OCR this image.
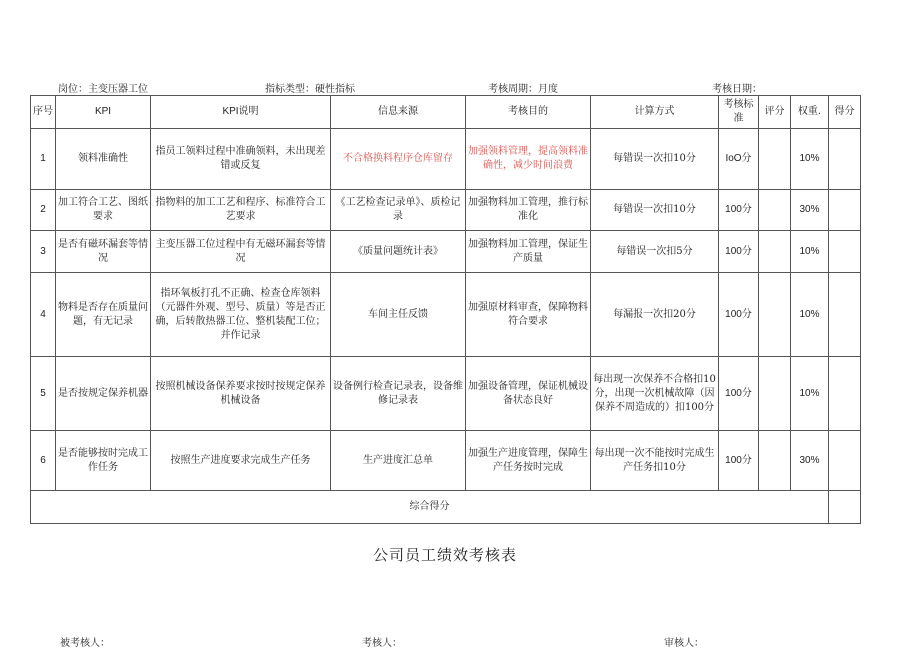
岗位：主变压器工位	指标类型：硬性指标	考核周期：月度	考核日期：
序号	KPI	KPI说明	信息来源	考核目的	计算方式	考核标准	评分	权重.	得分
1	领料准确性	指员工领料过程中准确领料，未出现差错或反复	不合格换料程序仓库留存	加强领料管理，提高领料准确性，减少时间浪费	每错误一次扣10分	IoO分		10%	
2	加工符合工艺、图纸要求	指物料的加工工艺和程序、标准符合工艺要求	《工艺检查记录单》、质检记录	加强物料加工管理，推行标准化	每错误一次扣10分	100分		30%	
3	是否有磁环漏套等情况	主变压器工位过程中有无磁环漏套等情况	《质量问题统计表》	加强物料加工管理，保证生产质量	每错误一次扣5分	100分		10%	
4	物料是否存在质量问题，有无记录	指环氧板打孔不正确、检查仓库领料（元器件外观、型号、质量）等是否正确，后转散热器工位、整机装配工位；并作记录	车间主任反馈	加强原材料审查，保障物料符合要求	每漏报一次扣20分	100分		10%	
5	是否按规定保养机器	按照机械设备保养要求按时按规定保养机械设备	设备例行检查记录表，设备维修记录表	加强设备管理，保证机械设备状态良好	每出现一次保养不合格扣10分，出现一次机械故障（因保养不周造成的）扣100分	100分		10%	
6	是否能够按时完成工作任务	按照生产进度要求完成生产任务	生产进度汇总单	加强生产进度管理，保障生产任务按时完成	每出现一次不能按时完成生产任务扣10分	100分		30%	
综合得分									
公司员工绩效考核表
被考核人：	考核人：	审核人：
